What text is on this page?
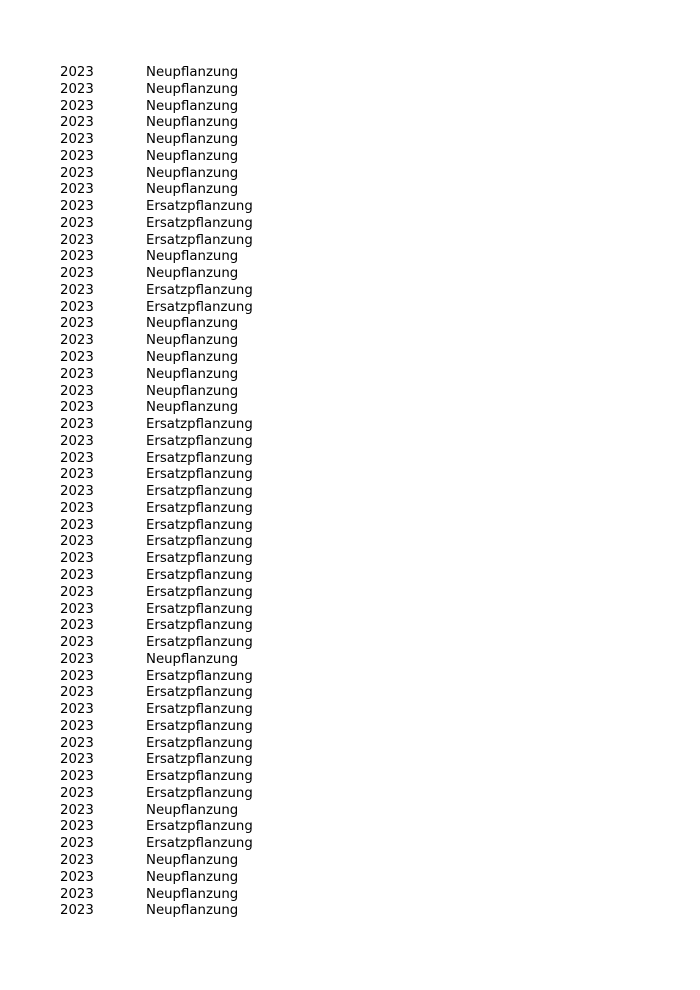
2023	Neupflanzung
2023	Neupflanzung
2023	Neupflanzung
2023	Neupflanzung
2023	Neupflanzung
2023	Neupflanzung
2023	Neupflanzung
2023	Neupflanzung
2023	Ersatzpflanzung
2023	Ersatzpflanzung
2023	Ersatzpflanzung
2023	Neupflanzung
2023	Neupflanzung
2023	Ersatzpflanzung
2023	Ersatzpflanzung
2023	Neupflanzung
2023	Neupflanzung
2023	Neupflanzung
2023	Neupflanzung
2023	Neupflanzung
2023	Neupflanzung
2023	Ersatzpflanzung
2023	Ersatzpflanzung
2023	Ersatzpflanzung
2023	Ersatzpflanzung
2023	Ersatzpflanzung
2023	Ersatzpflanzung
2023	Ersatzpflanzung
2023	Ersatzpflanzung
2023	Ersatzpflanzung
2023	Ersatzpflanzung
2023	Ersatzpflanzung
2023	Ersatzpflanzung
2023	Ersatzpflanzung
2023	Ersatzpflanzung
2023	Neupflanzung
2023	Ersatzpflanzung
2023	Ersatzpflanzung
2023	Ersatzpflanzung
2023	Ersatzpflanzung
2023	Ersatzpflanzung
2023	Ersatzpflanzung
2023	Ersatzpflanzung
2023	Ersatzpflanzung
2023	Neupflanzung
2023	Ersatzpflanzung
2023	Ersatzpflanzung
2023	Neupflanzung
2023	Neupflanzung
2023	Neupflanzung
2023	Neupflanzung
